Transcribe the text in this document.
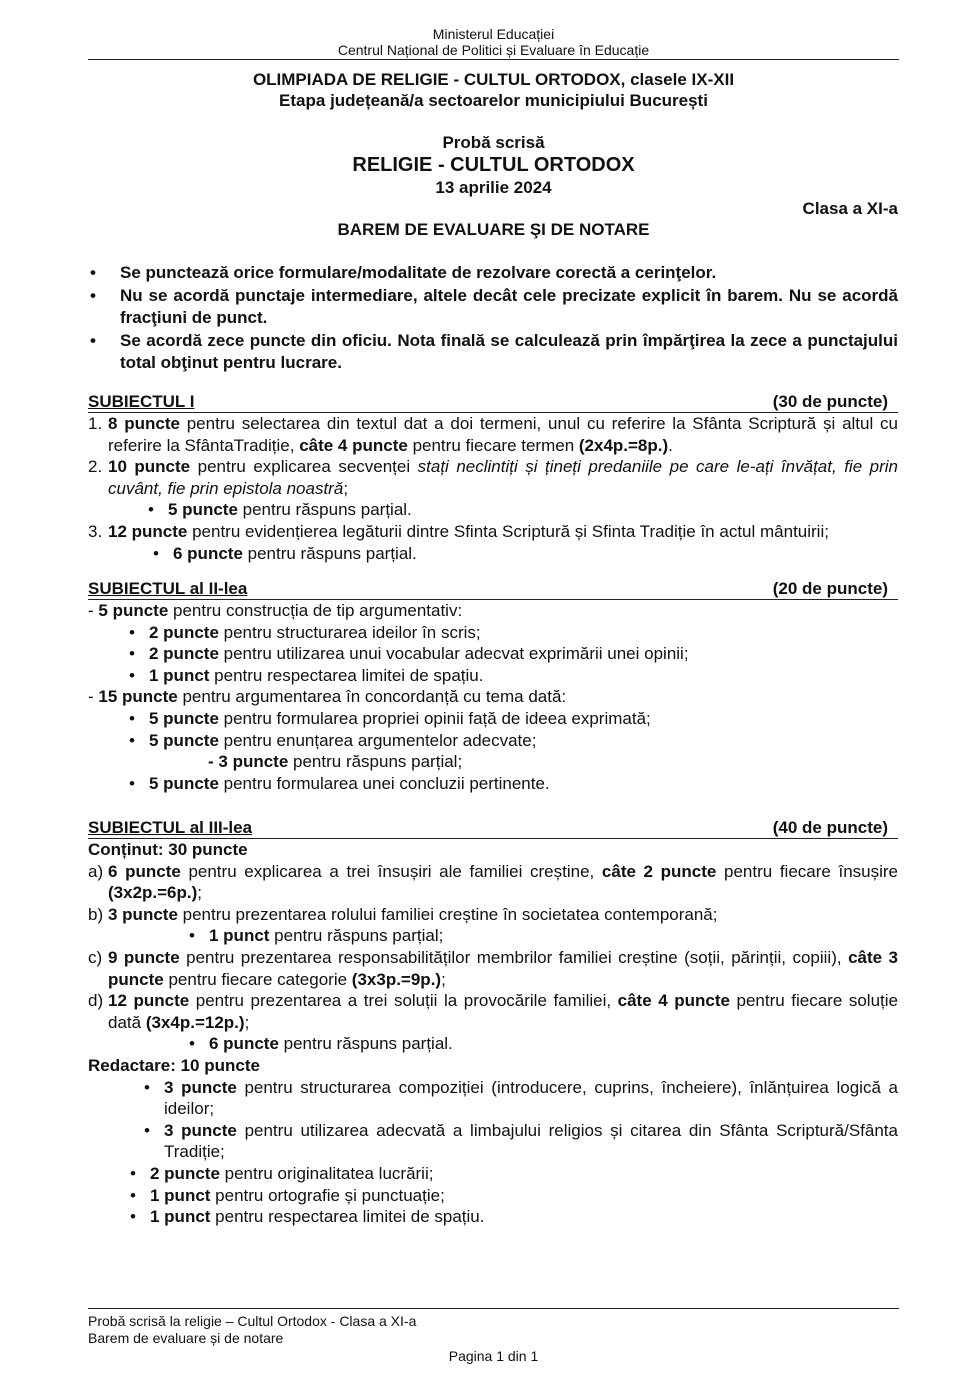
Ministerul Educației
Centrul Național de Politici și Evaluare în Educație
OLIMPIADA DE RELIGIE - CULTUL ORTODOX, clasele IX-XII
Etapa județeană/a sectoarelor municipiului București
Probă scrisă
RELIGIE - CULTUL ORTODOX
13 aprilie 2024
Clasa a XI-a
BAREM DE EVALUARE ŞI DE NOTARE
• Se punctează orice formulare/modalitate de rezolvare corectă a cerinţelor.
• Nu se acordă punctaje intermediare, altele decât cele precizate explicit în barem. Nu se acordă fracţiuni de punct.
• Se acordă zece puncte din oficiu. Nota finală se calculează prin împărţirea la zece a punctajului total obţinut pentru lucrare.
SUBIECTUL I	(30 de puncte)
1. 8 puncte pentru selectarea din textul dat a doi termeni, unul cu referire la Sfânta Scriptură și altul cu referire la SfântaTradiție, câte 4 puncte pentru fiecare termen (2x4p.=8p.).
2. 10 puncte pentru explicarea secvenței stați neclintiți și țineți predaniile pe care le-ați învățat, fie prin cuvânt, fie prin epistola noastră;
• 5 puncte pentru răspuns parțial.
3. 12 puncte pentru evidențierea legăturii dintre Sfinta Scriptură și Sfinta Tradiție în actul mântuirii;
• 6 puncte pentru răspuns parțial.
SUBIECTUL al II-lea	(20 de puncte)
- 5 puncte pentru construcția de tip argumentativ:
• 2 puncte pentru structurarea ideilor în scris;
• 2 puncte pentru utilizarea unui vocabular adecvat exprimării unei opinii;
• 1 punct pentru respectarea limitei de spațiu.
- 15 puncte pentru argumentarea în concordanță cu tema dată:
• 5 puncte pentru formularea propriei opinii față de ideea exprimată;
• 5 puncte pentru enunțarea argumentelor adecvate;
- 3 puncte pentru răspuns parțial;
• 5 puncte pentru formularea unei concluzii pertinente.
SUBIECTUL al III-lea	(40 de puncte)
Conținut: 30 puncte
a) 6 puncte pentru explicarea a trei însușiri ale familiei creștine, câte 2 puncte pentru fiecare însușire (3x2p.=6p.);
b) 3 puncte pentru prezentarea rolului familiei creștine în societatea contemporană;
• 1 punct pentru răspuns parțial;
c) 9 puncte pentru prezentarea responsabilităților membrilor familiei creștine (soții, părinții, copiii), câte 3 puncte pentru fiecare categorie (3x3p.=9p.);
d) 12 puncte pentru prezentarea a trei soluții la provocările familiei, câte 4 puncte pentru fiecare soluție dată (3x4p.=12p.);
• 6 puncte pentru răspuns parțial.
Redactare: 10 puncte
• 3 puncte pentru structurarea compoziției (introducere, cuprins, încheiere), înlănțuirea logică a ideilor;
• 3 puncte pentru utilizarea adecvată a limbajului religios și citarea din Sfânta Scriptură/Sfânta Tradiție;
• 2 puncte pentru originalitatea lucrării;
• 1 punct pentru ortografie și punctuație;
• 1 punct pentru respectarea limitei de spațiu.
Probă scrisă la religie – Cultul Ortodox - Clasa a XI-a
Barem de evaluare și de notare
Pagina 1 din 1
